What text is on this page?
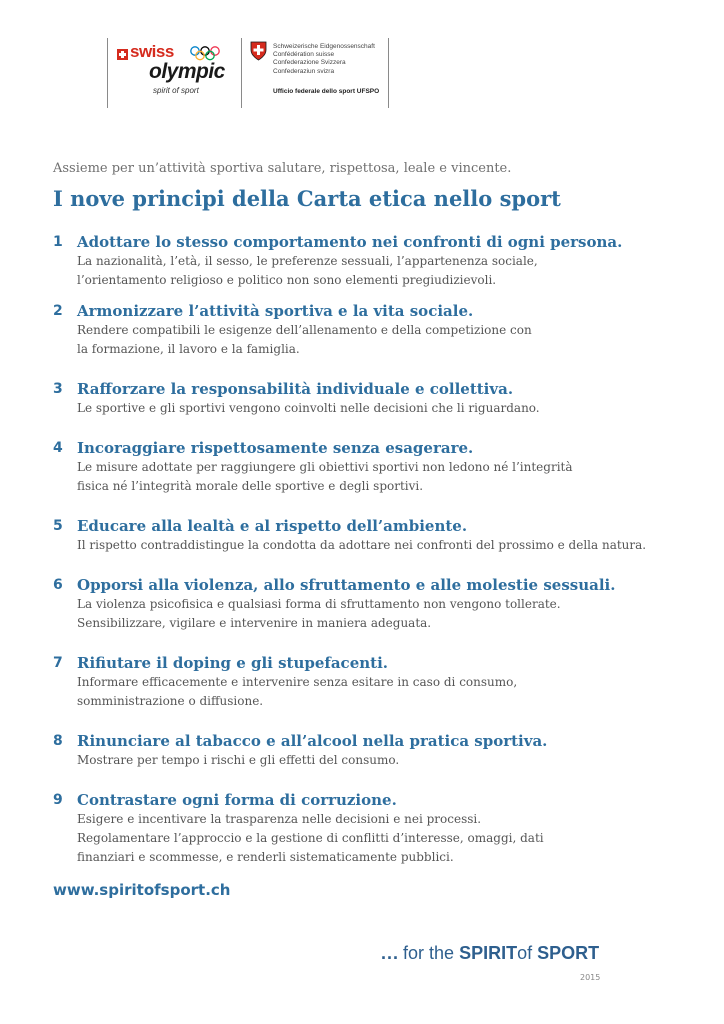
swiss
olympic
spirit of sport
Schweizerische Eidgenossenschaft
Confédération suisse
Confederazione Svizzera
Confederaziun svizra
Ufficio federale dello sport UFSPO
Assieme per un’attività sportiva salutare, rispettosa, leale e vincente.
I nove principi della Carta etica nello sport
1 Adottare lo stesso comportamento nei confronti di ogni persona.
La nazionalità, l’età, il sesso, le preferenze sessuali, l’appartenenza sociale,
l’orientamento religioso e politico non sono elementi pregiudizievoli.
2 Armonizzare l’attività sportiva e la vita sociale.
Rendere compatibili le esigenze dell’allenamento e della competizione con
la formazione, il lavoro e la famiglia.
3 Rafforzare la responsabilità individuale e collettiva.
Le sportive e gli sportivi vengono coinvolti nelle decisioni che li riguardano.
4 Incoraggiare rispettosamente senza esagerare.
Le misure adottate per raggiungere gli obiettivi sportivi non ledono né l’integrità
fisica né l’integrità morale delle sportive e degli sportivi.
5 Educare alla lealtà e al rispetto dell’ambiente.
Il rispetto contraddistingue la condotta da adottare nei confronti del prossimo e della natura.
6 Opporsi alla violenza, allo sfruttamento e alle molestie sessuali.
La violenza psicofisica e qualsiasi forma di sfruttamento non vengono tollerate.
Sensibilizzare, vigilare e intervenire in maniera adeguata.
7 Rifiutare il doping e gli stupefacenti.
Informare efficacemente e intervenire senza esitare in caso di consumo,
somministrazione o diffusione.
8 Rinunciare al tabacco e all’alcool nella pratica sportiva.
Mostrare per tempo i rischi e gli effetti del consumo.
9 Contrastare ogni forma di corruzione.
Esigere e incentivare la trasparenza nelle decisioni e nei processi.
Regolamentare l’approccio e la gestione di conflitti d’interesse, omaggi, dati
finanziari e scommesse, e renderli sistematicamente pubblici.
www.spiritofsport.ch
... for the SPIRITof SPORT
2015
